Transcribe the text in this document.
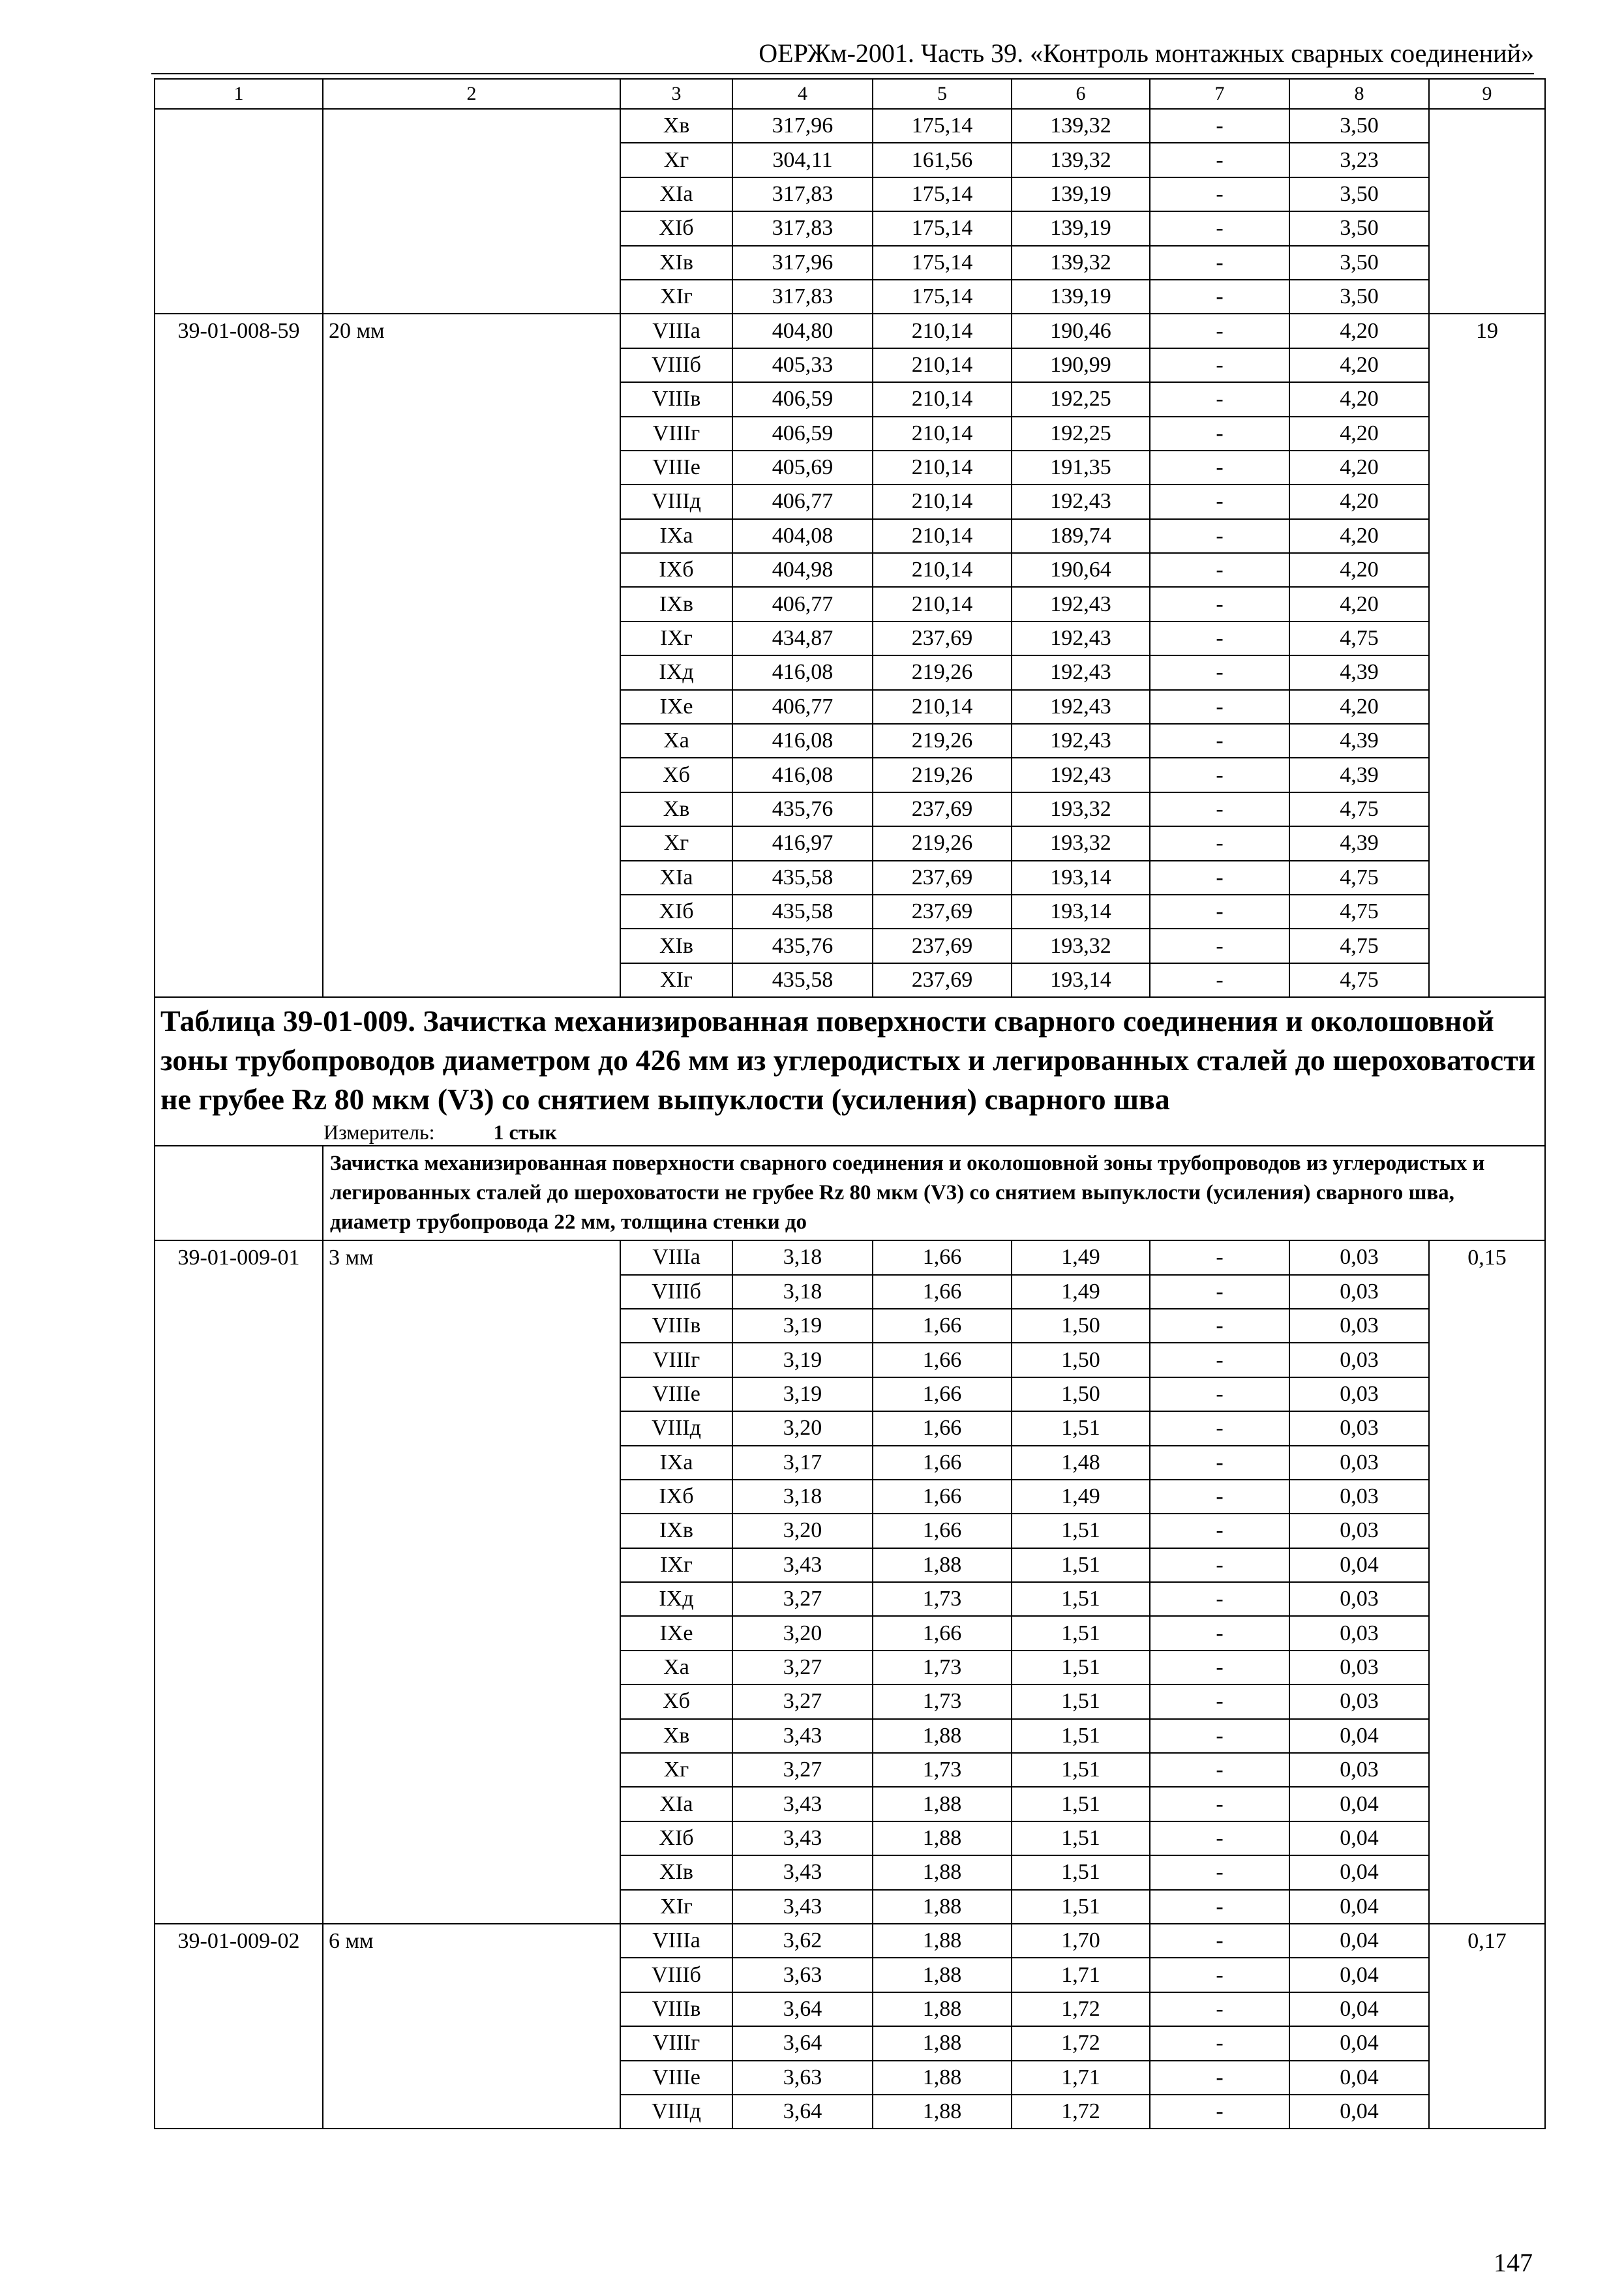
ОЕРЖм-2001. Часть 39. «Контроль монтажных сварных соединений»
1	2	3	4	5	6	7	8	9
		Xв	317,96	175,14	139,32	-	3,50	
		Xг	304,11	161,56	139,32	-	3,23	
		XIа	317,83	175,14	139,19	-	3,50	
		XIб	317,83	175,14	139,19	-	3,50	
		XIв	317,96	175,14	139,32	-	3,50	
		XIг	317,83	175,14	139,19	-	3,50	
39-01-008-59	20 мм	VIIIа	404,80	210,14	190,46	-	4,20	19
		VIIIб	405,33	210,14	190,99	-	4,20	
		VIIIв	406,59	210,14	192,25	-	4,20	
		VIIIг	406,59	210,14	192,25	-	4,20	
		VIIIе	405,69	210,14	191,35	-	4,20	
		VIIIд	406,77	210,14	192,43	-	4,20	
		IXа	404,08	210,14	189,74	-	4,20	
		IXб	404,98	210,14	190,64	-	4,20	
		IXв	406,77	210,14	192,43	-	4,20	
		IXг	434,87	237,69	192,43	-	4,75	
		IXд	416,08	219,26	192,43	-	4,39	
		IXе	406,77	210,14	192,43	-	4,20	
		Xа	416,08	219,26	192,43	-	4,39	
		Xб	416,08	219,26	192,43	-	4,39	
		Xв	435,76	237,69	193,32	-	4,75	
		Xг	416,97	219,26	193,32	-	4,39	
		XIа	435,58	237,69	193,14	-	4,75	
		XIб	435,58	237,69	193,14	-	4,75	
		XIв	435,76	237,69	193,32	-	4,75	
		XIг	435,58	237,69	193,14	-	4,75	

Таблица 39-01-009. Зачистка механизированная поверхности сварного соединения и околошовной зоны трубопроводов диаметром до 426 мм из углеродистых и легированных сталей до шероховатости не грубее Rz 80 мкм (V3) со снятием выпуклости (усиления) сварного шва
Измеритель: 1 стык								

	Зачистка механизированная поверхности сварного соединения и околошовной зоны трубопроводов из углеродистых и легированных сталей до шероховатости не грубее Rz 80 мкм (V3) со снятием выпуклости (усиления) сварного шва, диаметр трубопровода 22 мм, толщина стенки до							
39-01-009-01	3 мм	VIIIа	3,18	1,66	1,49	-	0,03	0,15
		VIIIб	3,18	1,66	1,49	-	0,03	
		VIIIв	3,19	1,66	1,50	-	0,03	
		VIIIг	3,19	1,66	1,50	-	0,03	
		VIIIе	3,19	1,66	1,50	-	0,03	
		VIIIд	3,20	1,66	1,51	-	0,03	
		IXа	3,17	1,66	1,48	-	0,03	
		IXб	3,18	1,66	1,49	-	0,03	
		IXв	3,20	1,66	1,51	-	0,03	
		IXг	3,43	1,88	1,51	-	0,04	
		IXд	3,27	1,73	1,51	-	0,03	
		IXе	3,20	1,66	1,51	-	0,03	
		Xа	3,27	1,73	1,51	-	0,03	
		Xб	3,27	1,73	1,51	-	0,03	
		Xв	3,43	1,88	1,51	-	0,04	
		Xг	3,27	1,73	1,51	-	0,03	
		XIа	3,43	1,88	1,51	-	0,04	
		XIб	3,43	1,88	1,51	-	0,04	
		XIв	3,43	1,88	1,51	-	0,04	
		XIг	3,43	1,88	1,51	-	0,04	
39-01-009-02	6 мм	VIIIа	3,62	1,88	1,70	-	0,04	0,17
		VIIIб	3,63	1,88	1,71	-	0,04	
		VIIIв	3,64	1,88	1,72	-	0,04	
		VIIIг	3,64	1,88	1,72	-	0,04	
		VIIIе	3,63	1,88	1,71	-	0,04	
		VIIIд	3,64	1,88	1,72	-	0,04	
147
